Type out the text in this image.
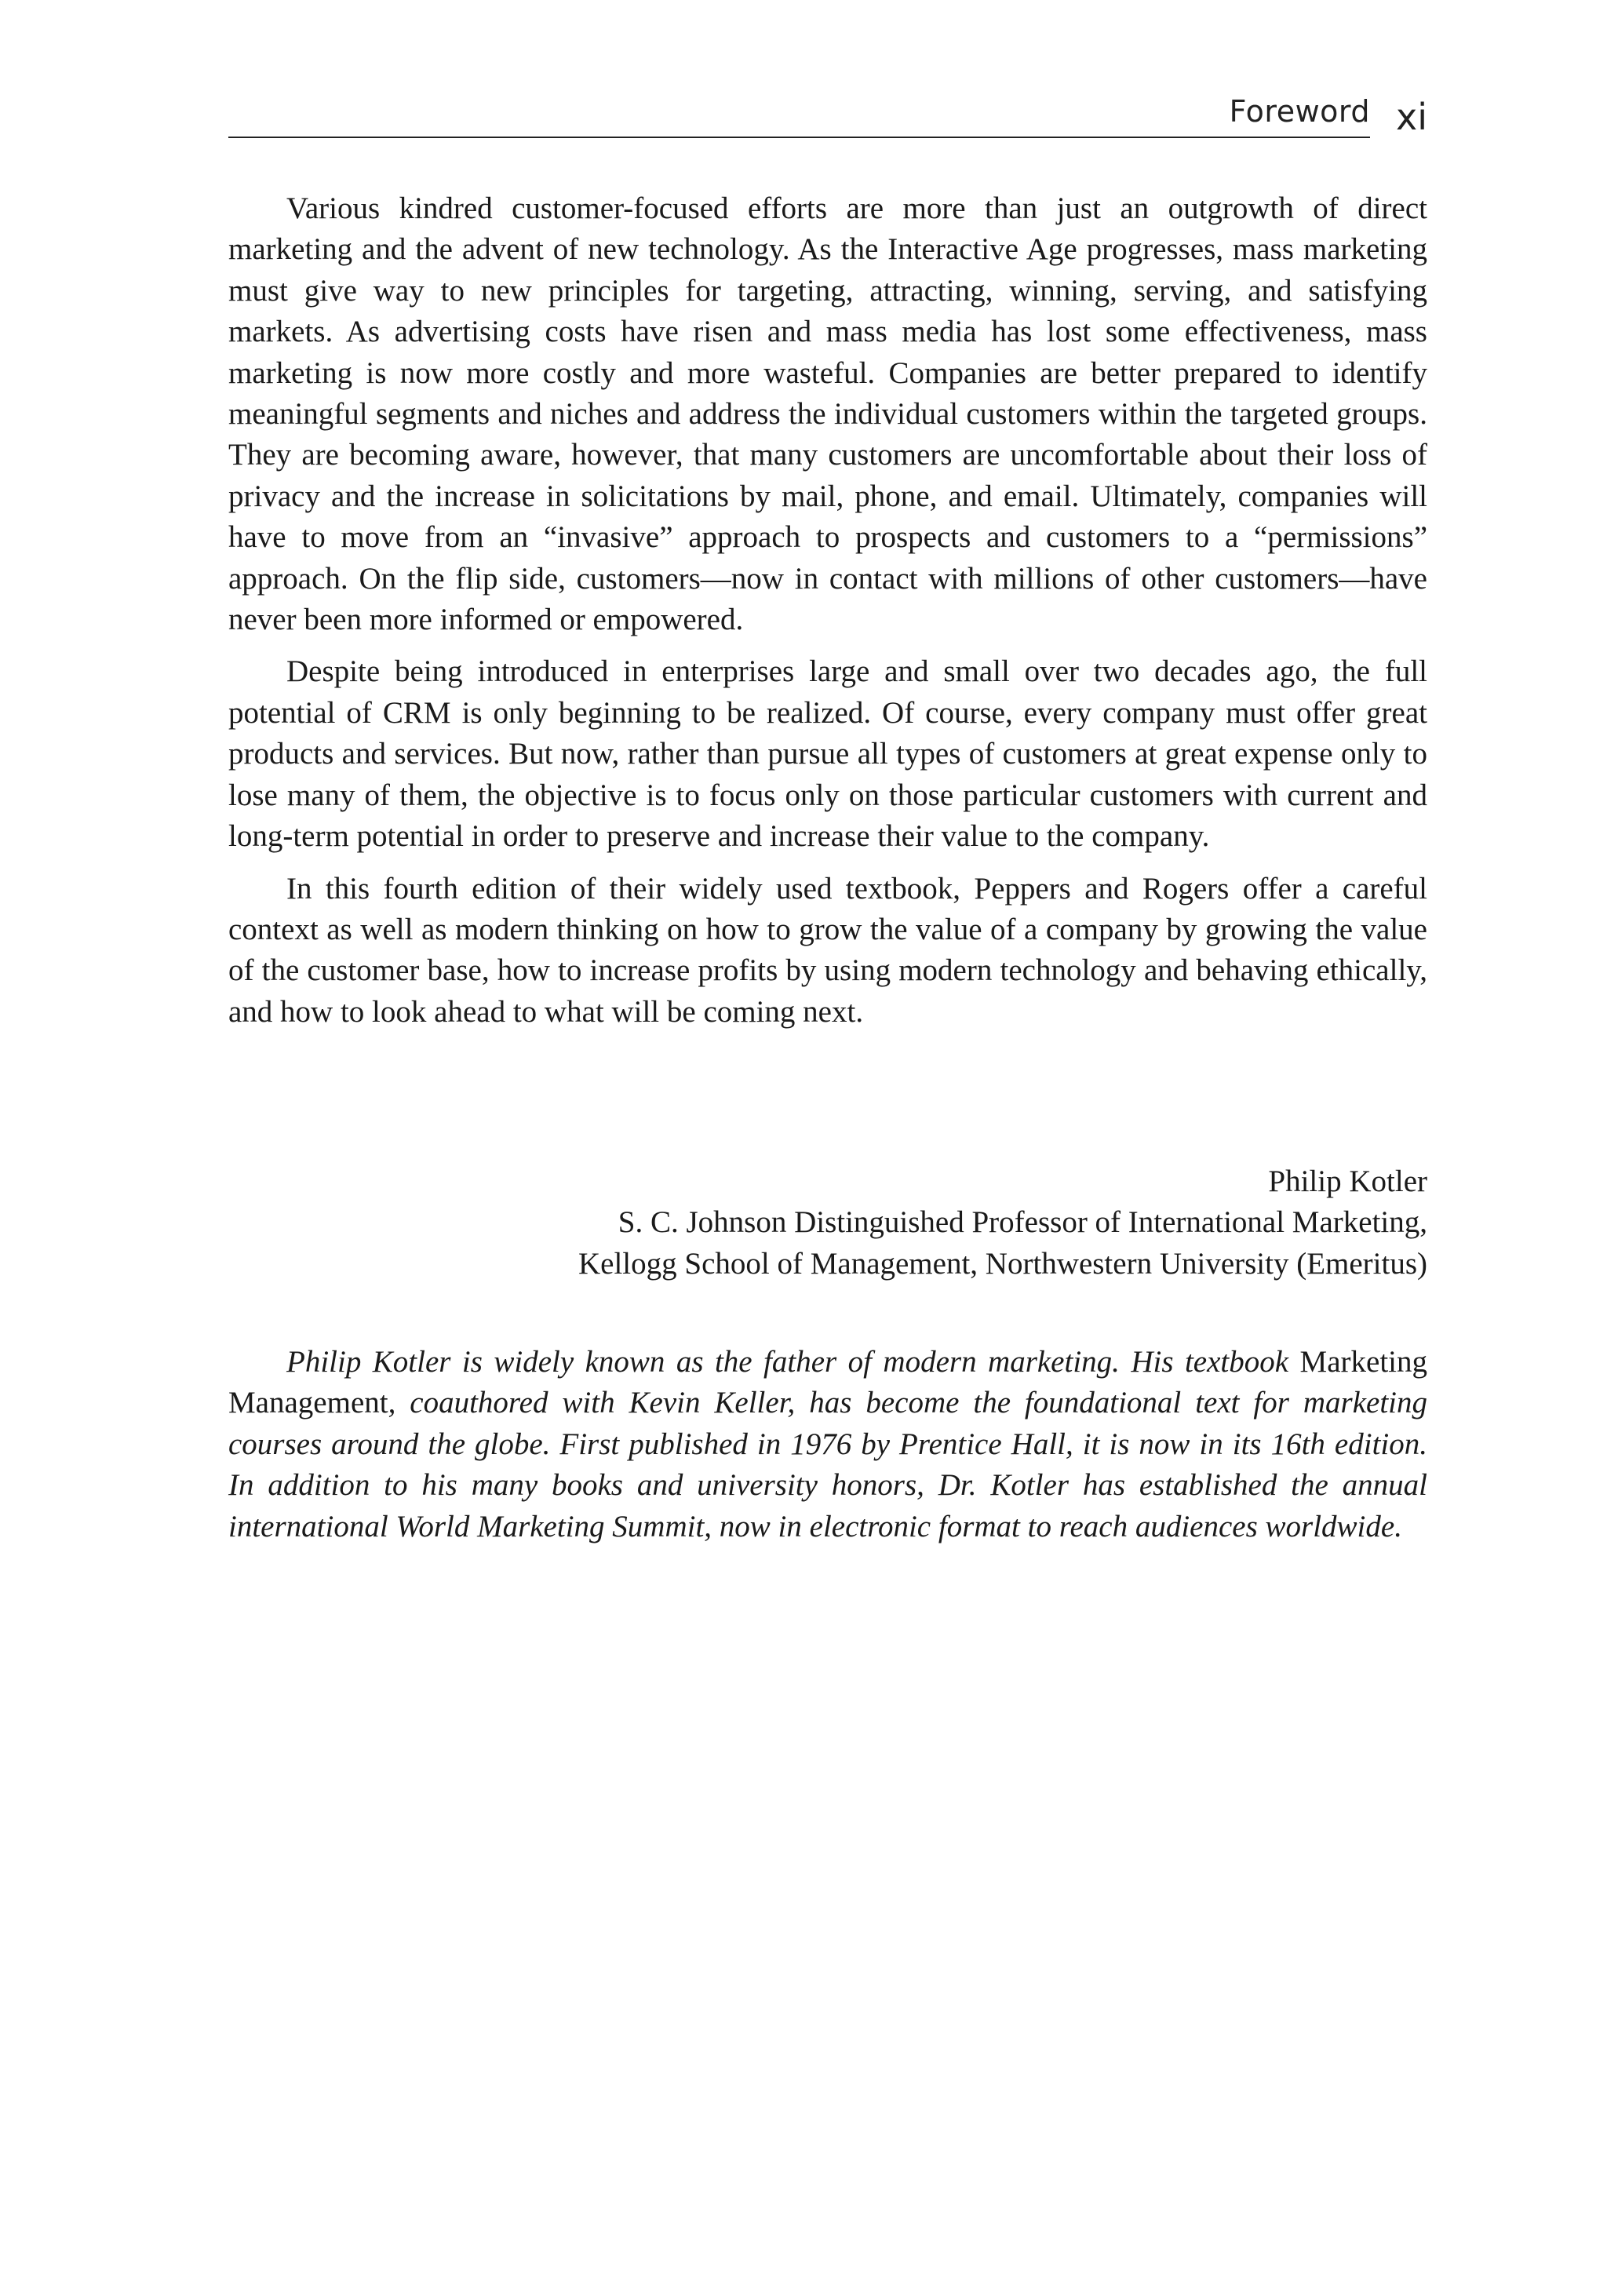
Foreword xi

Various kindred customer-focused efforts are more than just an outgrowth of direct marketing and the advent of new technology. As the Interactive Age progresses, mass marketing must give way to new principles for targeting, attracting, winning, serving, and satisfying markets. As advertising costs have risen and mass media has lost some effectiveness, mass marketing is now more costly and more wasteful. Companies are better prepared to identify meaningful segments and niches and address the individual customers within the targeted groups. They are becoming aware, however, that many customers are uncomfortable about their loss of privacy and the increase in solicitations by mail, phone, and email. Ultimately, companies will have to move from an “invasive” approach to prospects and customers to a “permissions” approach. On the flip side, customers—now in contact with millions of other customers—have never been more informed or empowered.

Despite being introduced in enterprises large and small over two decades ago, the full potential of CRM is only beginning to be realized. Of course, every company must offer great products and services. But now, rather than pursue all types of customers at great expense only to lose many of them, the objective is to focus only on those particular customers with current and long-term potential in order to preserve and increase their value to the company.

In this fourth edition of their widely used textbook, Peppers and Rogers offer a careful context as well as modern thinking on how to grow the value of a company by growing the value of the customer base, how to increase profits by using modern technology and behaving ethically, and how to look ahead to what will be coming next.

Philip Kotler
S. C. Johnson Distinguished Professor of International Marketing,
Kellogg School of Management, Northwestern University (Emeritus)

Philip Kotler is widely known as the father of modern marketing. His textbook Marketing Management, coauthored with Kevin Keller, has become the foundational text for marketing courses around the globe. First published in 1976 by Prentice Hall, it is now in its 16th edition. In addition to his many books and university honors, Dr. Kotler has established the annual international World Marketing Summit, now in electronic format to reach audiences worldwide.
